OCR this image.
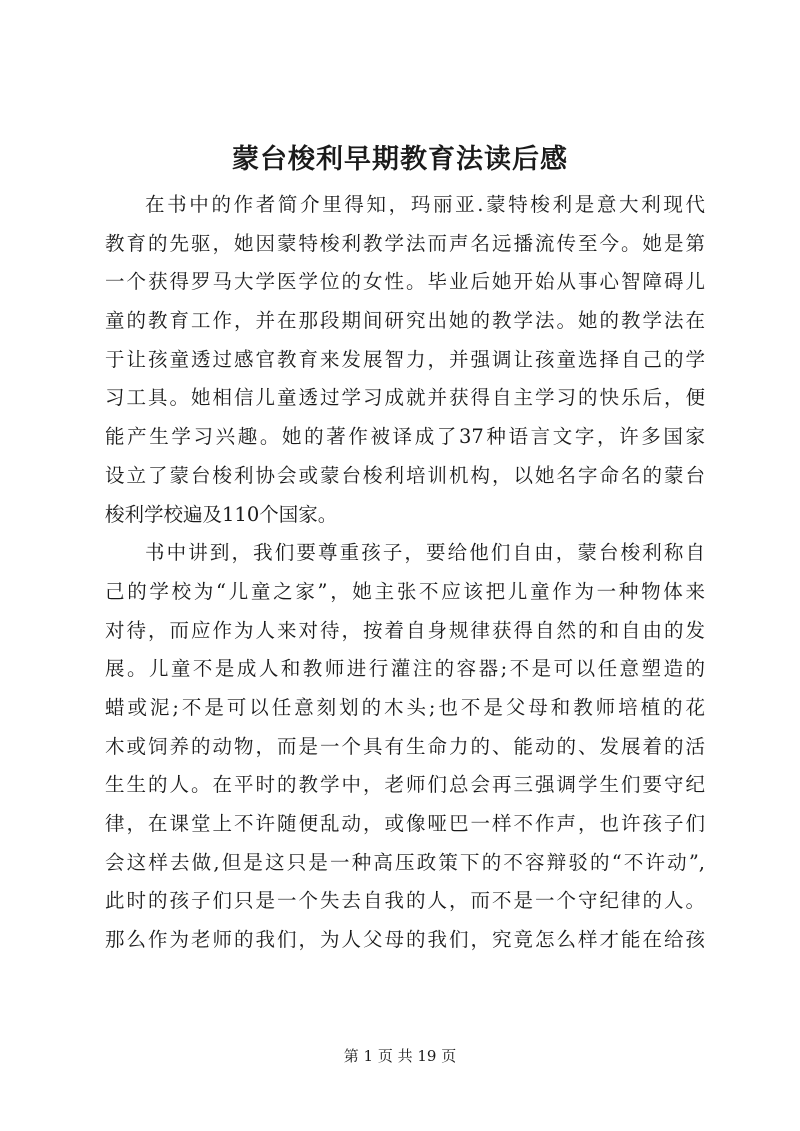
蒙台梭利早期教育法读后感
在书中的作者简介里得知，玛丽亚.蒙特梭利是意大利现代
教育的先驱，她因蒙特梭利教学法而声名远播流传至今。她是第
一个获得罗马大学医学位的女性。毕业后她开始从事心智障碍儿
童的教育工作，并在那段期间研究出她的教学法。她的教学法在
于让孩童透过感官教育来发展智力，并强调让孩童选择自己的学
习工具。她相信儿童透过学习成就并获得自主学习的快乐后，便
能产生学习兴趣。她的著作被译成了37种语言文字，许多国家
设立了蒙台梭利协会或蒙台梭利培训机构，以她名字命名的蒙台
梭利学校遍及110个国家。
书中讲到，我们要尊重孩子，要给他们自由，蒙台梭利称自
己的学校为“儿童之家”，她主张不应该把儿童作为一种物体来
对待，而应作为人来对待，按着自身规律获得自然的和自由的发
展。儿童不是成人和教师进行灌注的容器;不是可以任意塑造的
蜡或泥;不是可以任意刻划的木头;也不是父母和教师培植的花
木或饲养的动物，而是一个具有生命力的、能动的、发展着的活
生生的人。在平时的教学中，老师们总会再三强调学生们要守纪
律，在课堂上不许随便乱动，或像哑巴一样不作声，也许孩子们
会这样去做,但是这只是一种高压政策下的不容辩驳的“不许动”,
此时的孩子们只是一个失去自我的人，而不是一个守纪律的人。
那么作为老师的我们，为人父母的我们，究竟怎么样才能在给孩
第 1 页 共 19 页
